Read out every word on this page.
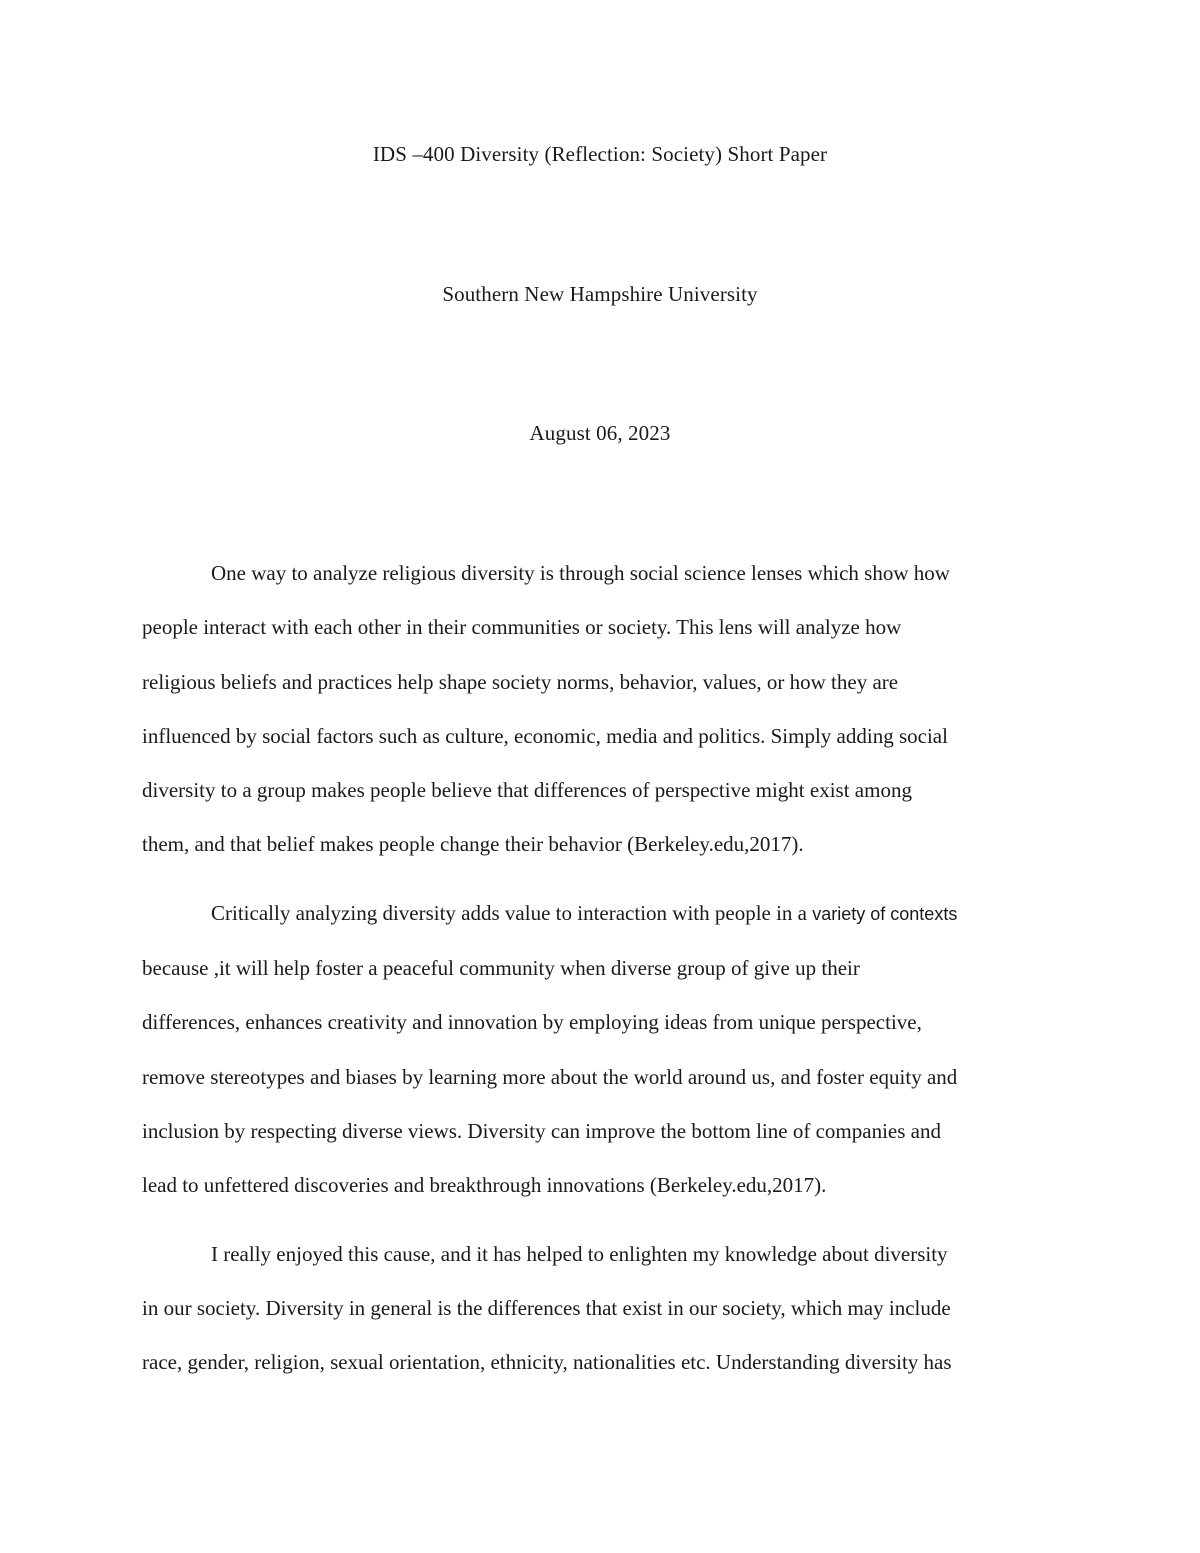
IDS –400 Diversity (Reflection: Society) Short Paper
Southern New Hampshire University
August 06, 2023

One way to analyze religious diversity is through social science lenses which show how
people interact with each other in their communities or society. This lens will analyze how
religious beliefs and practices help shape society norms, behavior, values, or how they are
influenced by social factors such as culture, economic, media and politics. Simply adding social
diversity to a group makes people believe that differences of perspective might exist among
them, and that belief makes people change their behavior (Berkeley.edu,2017).

Critically analyzing diversity adds value to interaction with people in a variety of contexts
because ,it will help foster a peaceful community when diverse group of give up their
differences, enhances creativity and innovation by employing ideas from unique perspective,
remove stereotypes and biases by learning more about the world around us, and foster equity and
inclusion by respecting diverse views. Diversity can improve the bottom line of companies and
lead to unfettered discoveries and breakthrough innovations (Berkeley.edu,2017).

I really enjoyed this cause, and it has helped to enlighten my knowledge about diversity
in our society. Diversity in general is the differences that exist in our society, which may include
race, gender, religion, sexual orientation, ethnicity, nationalities etc. Understanding diversity has
